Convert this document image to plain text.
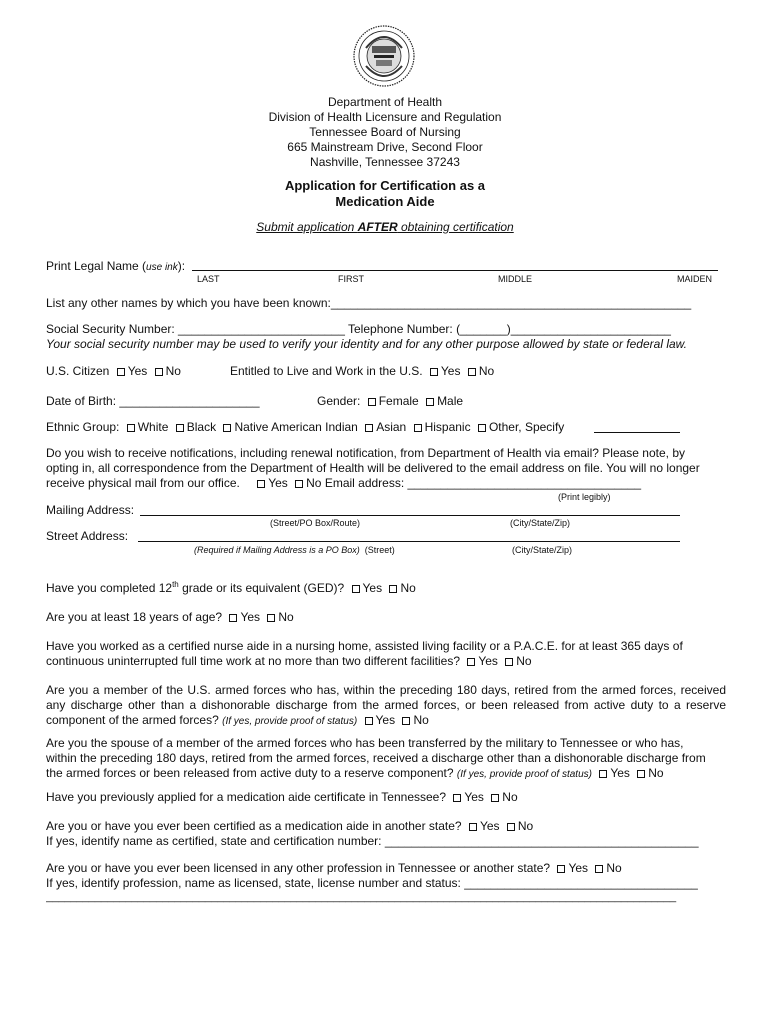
Department of Health
Division of Health Licensure and Regulation
Tennessee Board of Nursing
665 Mainstream Drive, Second Floor
Nashville, Tennessee 37243
Application for Certification as a
Medication Aide
Submit application AFTER obtaining certification
Print Legal Name (use ink):
LAST	FIRST	MIDDLE	MAIDEN
List any other names by which you have been known:______________________________________________________
Social Security Number: _________________________ Telephone Number: (_______)________________________
Your social security number may be used to verify your identity and for any other purpose allowed by state or federal law.
U.S. Citizen Yes No	Entitled to Live and Work in the U.S. Yes No
Date of Birth: _____________________	Gender: Female Male
Ethnic Group: White Black Native American Indian Asian Hispanic Other, Specify
Do you wish to receive notifications, including renewal notification, from Department of Health via email? Please note, by
opting in, all correspondence from the Department of Health will be delivered to the email address on file. You will no longer
receive physical mail from our office. Yes No Email address: ___________________________________
(Print legibly)
Mailing Address:
(Street/PO Box/Route)	(City/State/Zip)
Street Address:
(Required if Mailing Address is a PO Box) (Street)	(City/State/Zip)
Have you completed 12th grade or its equivalent (GED)? Yes No
Are you at least 18 years of age? Yes No
Have you worked as a certified nurse aide in a nursing home, assisted living facility or a P.A.C.E. for at least 365 days of
continuous uninterrupted full time work at no more than two different facilities? Yes No
Are you a member of the U.S. armed forces who has, within the preceding 180 days, retired from the armed forces, received
any discharge other than a dishonorable discharge from the armed forces, or been released from active duty to a reserve
component of the armed forces? (If yes, provide proof of status) Yes No
Are you the spouse of a member of the armed forces who has been transferred by the military to Tennessee or who has,
within the preceding 180 days, retired from the armed forces, received a discharge other than a dishonorable discharge from
the armed forces or been released from active duty to a reserve component? (If yes, provide proof of status) Yes No
Have you previously applied for a medication aide certificate in Tennessee? Yes No
Are you or have you ever been certified as a medication aide in another state? Yes No
If yes, identify name as certified, state and certification number: _______________________________________________
Are you or have you ever been licensed in any other profession in Tennessee or another state? Yes No
If yes, identify profession, name as licensed, state, license number and status: ___________________________________
_______________________________________________________________________________________________________
